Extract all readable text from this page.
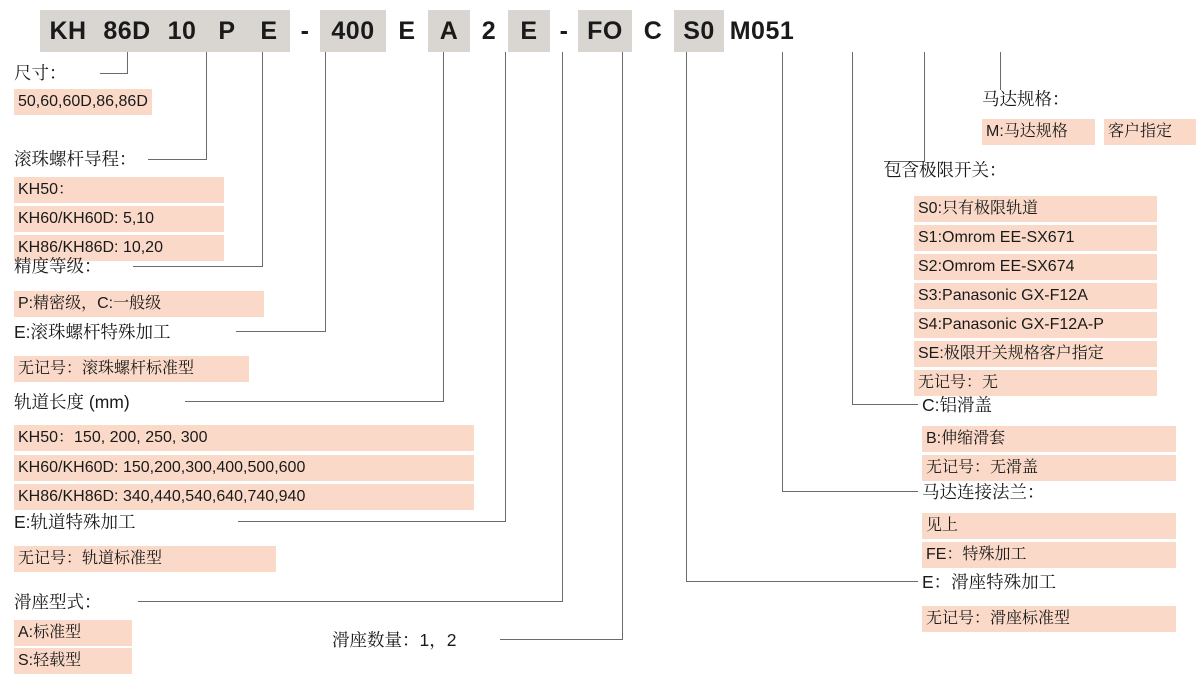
KH 86D 10 P E - 400 E A 2 E - FO C S0 M051
尺寸：
50,60,60D,86,86D
滚珠螺杆导程：
KH50：
KH60/KH60D: 5,10
KH86/KH86D: 10,20
精度等级：
P:精密级，C:一般级
E:滚珠螺杆特殊加工
无记号：滚珠螺杆标准型
轨道长度 (mm)
KH50：150, 200, 250, 300
KH60/KH60D: 150,200,300,400,500,600
KH86/KH86D: 340,440,540,640,740,940
E:轨道特殊加工
无记号：轨道标准型
滑座型式：
A:标准型
S:轻载型
滑座数量：1，2
马达规格：
M:马达规格	客户指定
包含极限开关：
S0:只有极限轨道
S1:Omrom EE-SX671
S2:Omrom EE-SX674
S3:Panasonic GX-F12A
S4:Panasonic GX-F12A-P
SE:极限开关规格客户指定
无记号：无
C:铝滑盖
B:伸缩滑套
无记号：无滑盖
马达连接法兰：
见上
FE：特殊加工
E：滑座特殊加工
无记号：滑座标准型
